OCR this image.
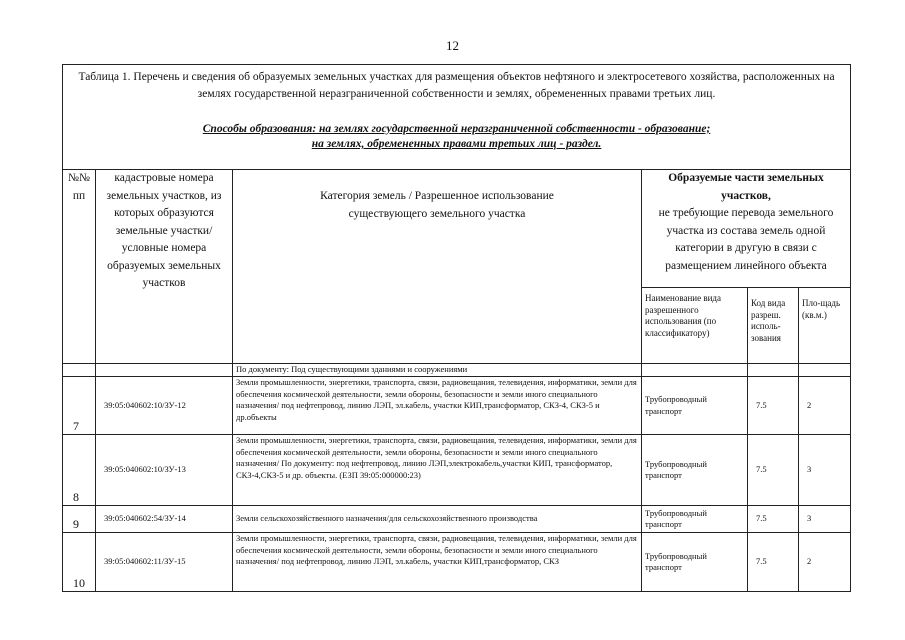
12
Таблица 1. Перечень и сведения об образуемых земельных участках для размещения объектов нефтяного и электросетевого хозяйства, расположенных на землях государственной неразграниченной собственности и землях, обремененных правами третьих лиц.
Способы образования: на землях государственной неразграниченной собственности - образование;
на землях, обремененных правами третьих лиц - раздел.					

№№ пп	кадастровые номера земельных участков, из которых образуются земельные участки/ условные номера образуемых земельных участков	Категория земель / Разрешенное использование существующего земельного участка	Образуемые части земельных участков,
не требующие перевода земельного участка из состава земель одной категории в другую в связи с размещением линейного объекта		

			Наименование вида разрешенного использования (по классификатору)	Код вида разреш. исполь-зования	Пло-щадь (кв.м.)
		По документу: Под существующими зданиями и сооружениями			
7	39:05:040602:10/ЗУ-12	Земли промышленности, энергетики, транспорта, связи, радиовещания, телевидения, информатики, земли для обеспечения космической деятельности, земли обороны, безопасности и земли иного специального назначения/ под нефтепровод, линию ЛЭП, эл.кабель, участки КИП,трансформатор, СКЗ-4, СКЗ-5 и др.объекты	Трубопроводный транспорт	7.5	2
8	39:05:040602:10/ЗУ-13	Земли промышленности, энергетики, транспорта, связи, радиовещания, телевидения, информатики, земли для обеспечения космической деятельности, земли обороны, безопасности и земли иного специального назначения/ По документу: под нефтепровод, линию ЛЭП,электрокабель,участки КИП, трансформатор, СКЗ-4,СКЗ-5 и др. объекты. (ЕЗП 39:05:000000:23)	Трубопроводный транспорт	7.5	3
9	39:05:040602:54/ЗУ-14	Земли сельскохозяйственного назначения/для сельскохозяйственного производства	Трубопроводный транспорт	7.5	3
10	39:05:040602:11/ЗУ-15	Земли промышленности, энергетики, транспорта, связи, радиовещания, телевидения, информатики, земли для обеспечения космической деятельности, земли обороны, безопасности и земли иного специального назначения/ под нефтепровод, линию ЛЭП, эл.кабель, участки КИП,трансформатор, СКЗ	Трубопроводный транспорт	7.5	2
